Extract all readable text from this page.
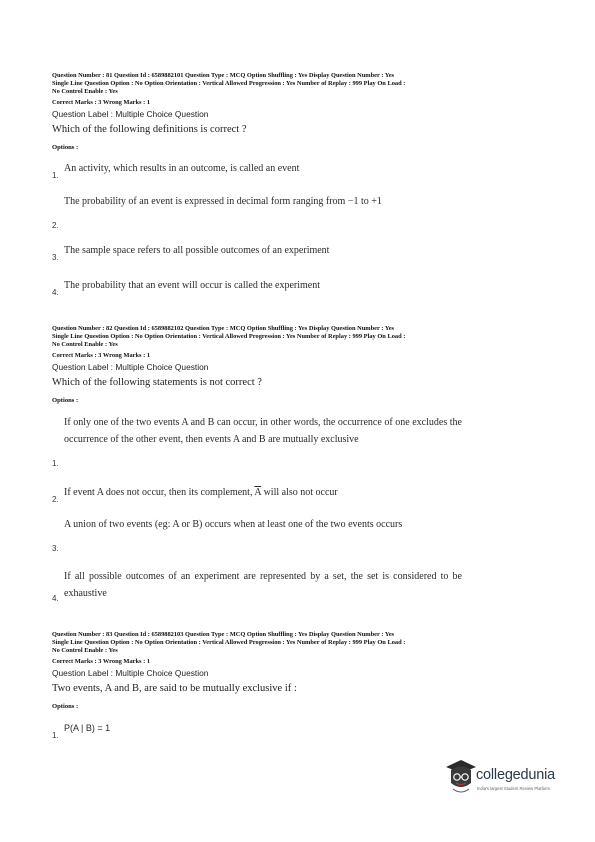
Question Number : 81 Question Id : 6589882101 Question Type : MCQ Option Shuffling : Yes Display Question Number : Yes
Single Line Question Option : No Option Orientation : Vertical Allowed Progression : Yes Number of Replay : 999 Play On Load :
No Control Enable : Yes
Correct Marks : 3 Wrong Marks : 1
Question Label : Multiple Choice Question
Which of the following definitions is correct ?
Options :
1.
An activity, which results in an outcome, is called an event
2.
The probability of an event is expressed in decimal form ranging from −1 to +1
3.
The sample space refers to all possible outcomes of an experiment
4.
The probability that an event will occur is called the experiment
Question Number : 82 Question Id : 6589882102 Question Type : MCQ Option Shuffling : Yes Display Question Number : Yes
Single Line Question Option : No Option Orientation : Vertical Allowed Progression : Yes Number of Replay : 999 Play On Load :
No Control Enable : Yes
Correct Marks : 3 Wrong Marks : 1
Question Label : Multiple Choice Question
Which of the following statements is not correct ?
Options :
1.
If only one of the two events A and B can occur, in other words, the occurrence of one excludes the occurrence of the other event, then events A and B are mutually exclusive
2.
If event A does not occur, then its complement, $\overline{A}$ will also not occur
3.
A union of two events (eg: A or B) occurs when at least one of the two events occurs
4.
If all possible outcomes of an experiment are represented by a set, the set is considered to be exhaustive
Question Number : 83 Question Id : 6589882103 Question Type : MCQ Option Shuffling : Yes Display Question Number : Yes
Single Line Question Option : No Option Orientation : Vertical Allowed Progression : Yes Number of Replay : 999 Play On Load :
No Control Enable : Yes
Correct Marks : 3 Wrong Marks : 1
Question Label : Multiple Choice Question
Two events, A and B, are said to be mutually exclusive if :
Options :
1.
P(A | B) = 1
collegedunia
India's largest Student Review Platform
